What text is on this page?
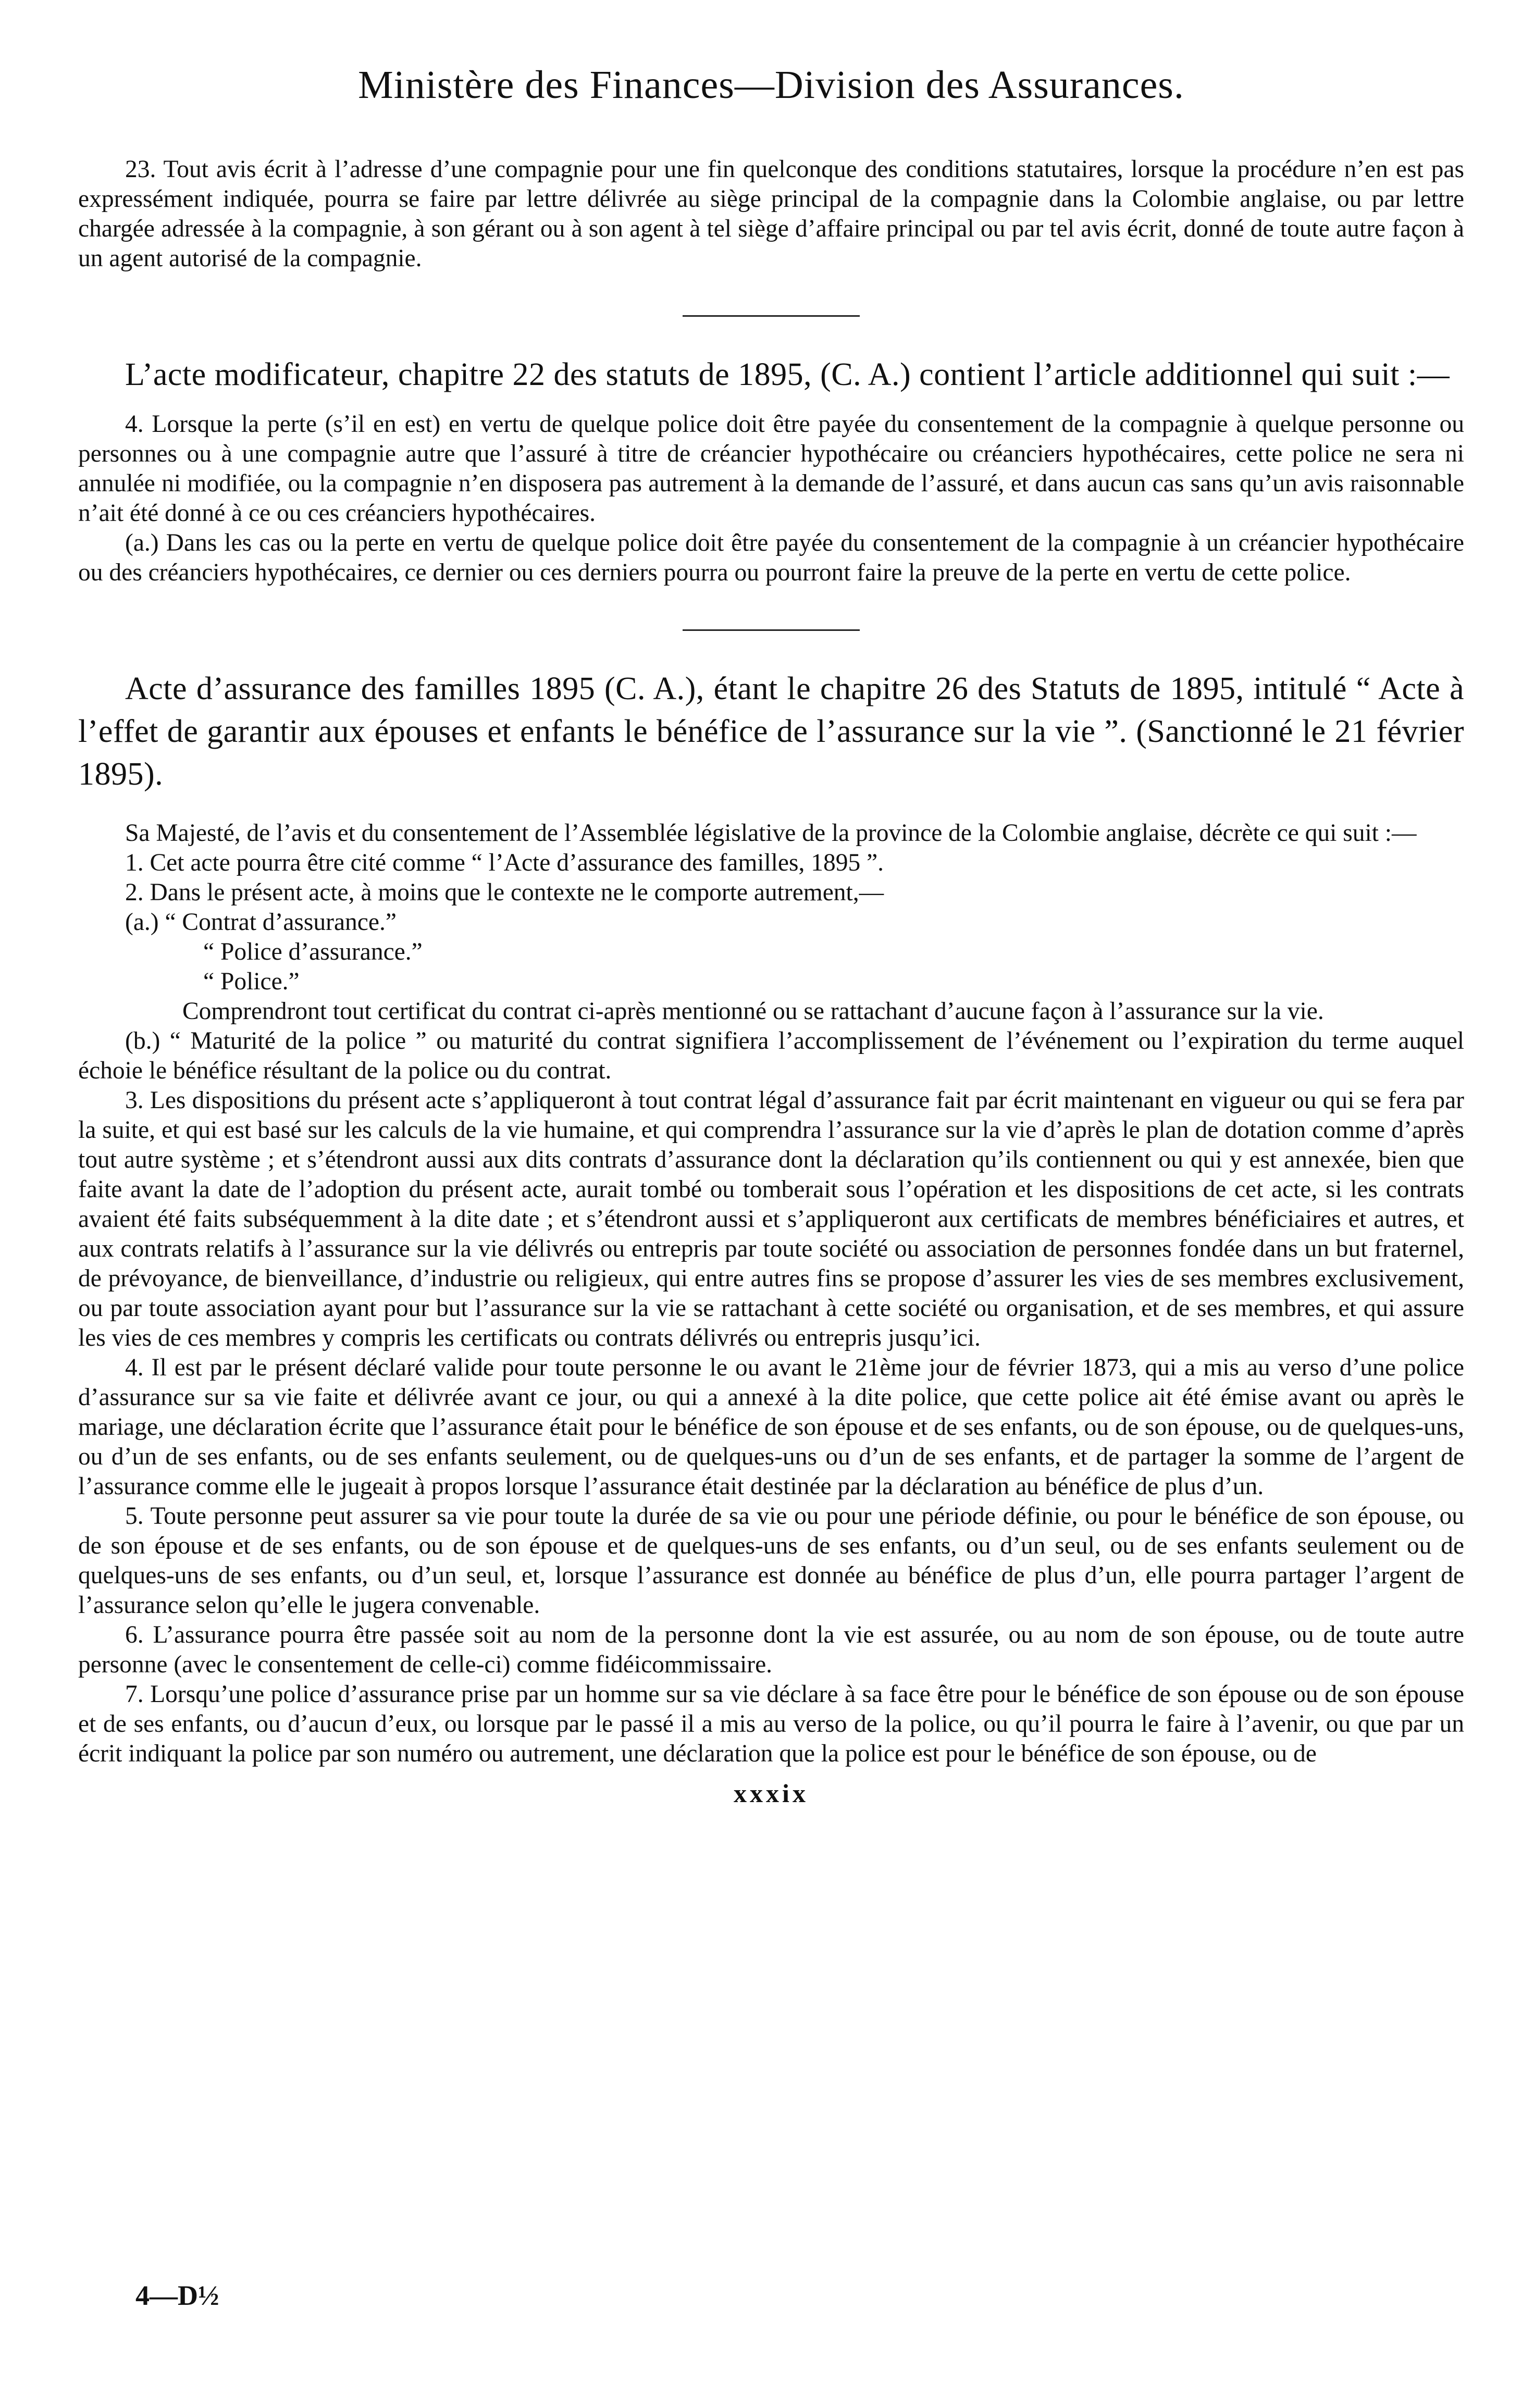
Ministère des Finances—Division des Assurances.

23. Tout avis écrit à l’adresse d’une compagnie pour une fin quelconque des conditions statutaires, lorsque la procédure n’en est pas expressément indiquée, pourra se faire par lettre délivrée au siège principal de la compagnie dans la Colombie anglaise, ou par lettre chargée adressée à la compagnie, à son gérant ou à son agent à tel siège d’affaire principal ou par tel avis écrit, donné de toute autre façon à un agent autorisé de la compagnie.

L’acte modificateur, chapitre 22 des statuts de 1895, (C. A.) contient l’article additionnel qui suit :—

4. Lorsque la perte (s’il en est) en vertu de quelque police doit être payée du consentement de la compagnie à quelque personne ou personnes ou à une compagnie autre que l’assuré à titre de créancier hypothécaire ou créanciers hypothécaires, cette police ne sera ni annulée ni modifiée, ou la compagnie n’en disposera pas autrement à la demande de l’assuré, et dans aucun cas sans qu’un avis raisonnable n’ait été donné à ce ou ces créanciers hypothécaires.

(a.) Dans les cas ou la perte en vertu de quelque police doit être payée du consentement de la compagnie à un créancier hypothécaire ou des créanciers hypothécaires, ce dernier ou ces derniers pourra ou pourront faire la preuve de la perte en vertu de cette police.

Acte d’assurance des familles 1895 (C. A.), étant le chapitre 26 des Statuts de 1895, intitulé “ Acte à l’effet de garantir aux épouses et enfants le bénéfice de l’assurance sur la vie ”. (Sanctionné le 21 février 1895).

Sa Majesté, de l’avis et du consentement de l’Assemblée législative de la province de la Colombie anglaise, décrète ce qui suit :—

1. Cet acte pourra être cité comme “ l’Acte d’assurance des familles, 1895 ”.

2. Dans le présent acte, à moins que le contexte ne le comporte autrement,—

(a.) “ Contrat d’assurance.”

“ Police d’assurance.”

“ Police.”

Comprendront tout certificat du contrat ci-après mentionné ou se rattachant d’aucune façon à l’assurance sur la vie.

(b.) “ Maturité de la police ” ou maturité du contrat signifiera l’accomplissement de l’événement ou l’expiration du terme auquel échoie le bénéfice résultant de la police ou du contrat.

3. Les dispositions du présent acte s’appliqueront à tout contrat légal d’assurance fait par écrit maintenant en vigueur ou qui se fera par la suite, et qui est basé sur les calculs de la vie humaine, et qui comprendra l’assurance sur la vie d’après le plan de dotation comme d’après tout autre système ; et s’étendront aussi aux dits contrats d’assurance dont la déclaration qu’ils contiennent ou qui y est annexée, bien que faite avant la date de l’adoption du présent acte, aurait tombé ou tomberait sous l’opération et les dispositions de cet acte, si les contrats avaient été faits subséquemment à la dite date ; et s’étendront aussi et s’appliqueront aux certificats de membres bénéficiaires et autres, et aux contrats relatifs à l’assurance sur la vie délivrés ou entrepris par toute société ou association de personnes fondée dans un but fraternel, de prévoyance, de bienveillance, d’industrie ou religieux, qui entre autres fins se propose d’assurer les vies de ses membres exclusivement, ou par toute association ayant pour but l’assurance sur la vie se rattachant à cette société ou organisation, et de ses membres, et qui assure les vies de ces membres y compris les certificats ou contrats délivrés ou entrepris jusqu’ici.

4. Il est par le présent déclaré valide pour toute personne le ou avant le 21ème jour de février 1873, qui a mis au verso d’une police d’assurance sur sa vie faite et délivrée avant ce jour, ou qui a annexé à la dite police, que cette police ait été émise avant ou après le mariage, une déclaration écrite que l’assurance était pour le bénéfice de son épouse et de ses enfants, ou de son épouse, ou de quelques-uns, ou d’un de ses enfants, ou de ses enfants seulement, ou de quelques-uns ou d’un de ses enfants, et de partager la somme de l’argent de l’assurance comme elle le jugeait à propos lorsque l’assurance était destinée par la déclaration au bénéfice de plus d’un.

5. Toute personne peut assurer sa vie pour toute la durée de sa vie ou pour une période définie, ou pour le bénéfice de son épouse, ou de son épouse et de ses enfants, ou de son épouse et de quelques-uns de ses enfants, ou d’un seul, ou de ses enfants seulement ou de quelques-uns de ses enfants, ou d’un seul, et, lorsque l’assurance est donnée au bénéfice de plus d’un, elle pourra partager l’argent de l’assurance selon qu’elle le jugera convenable.

6. L’assurance pourra être passée soit au nom de la personne dont la vie est assurée, ou au nom de son épouse, ou de toute autre personne (avec le consentement de celle-ci) comme fidéicommissaire.

7. Lorsqu’une police d’assurance prise par un homme sur sa vie déclare à sa face être pour le bénéfice de son épouse ou de son épouse et de ses enfants, ou d’aucun d’eux, ou lorsque par le passé il a mis au verso de la police, ou qu’il pourra le faire à l’avenir, ou que par un écrit indiquant la police par son numéro ou autrement, une déclaration que la police est pour le bénéfice de son épouse, ou de

xxxix
4—D½
